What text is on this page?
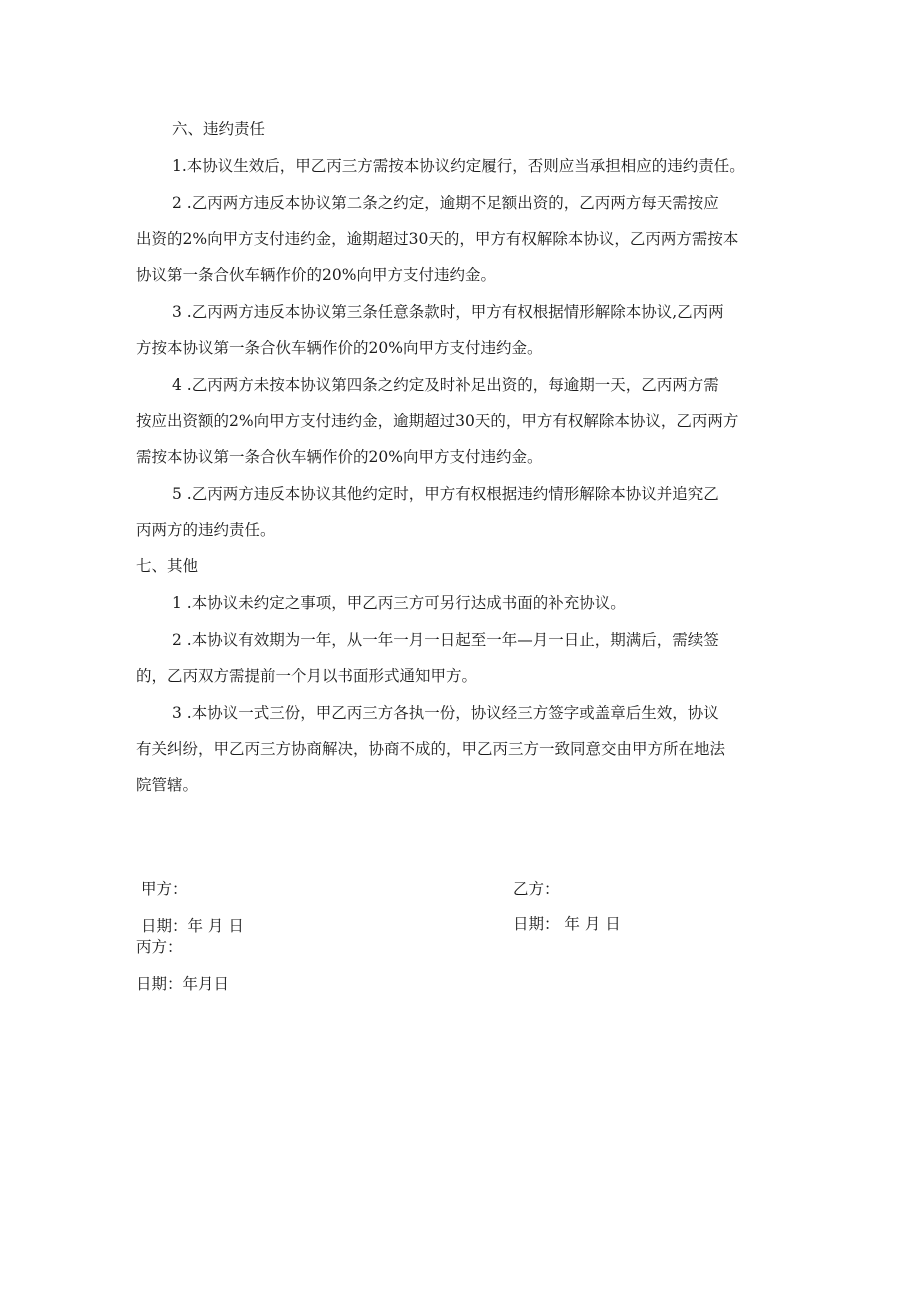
六、违约责任
1.本协议生效后，甲乙丙三方需按本协议约定履行，否则应当承担相应的违约责任。
2 .乙丙两方违反本协议第二条之约定，逾期不足额出资的，乙丙两方每天需按应
出资的2%向甲方支付违约金，逾期超过30天的，甲方有权解除本协议，乙丙两方需按本
协议第一条合伙车辆作价的20%向甲方支付违约金。
3 .乙丙两方违反本协议第三条任意条款时，甲方有权根据情形解除本协议,乙丙两
方按本协议第一条合伙车辆作价的20%向甲方支付违约金。
4 .乙丙两方未按本协议第四条之约定及时补足出资的，每逾期一天，乙丙两方需
按应出资额的2%向甲方支付违约金，逾期超过30天的，甲方有权解除本协议，乙丙两方
需按本协议第一条合伙车辆作价的20%向甲方支付违约金。
5 .乙丙两方违反本协议其他约定时，甲方有权根据违约情形解除本协议并追究乙
丙两方的违约责任。
七、其他
1 .本协议未约定之事项，甲乙丙三方可另行达成书面的补充协议。
2 .本协议有效期为一年，从一年一月一日起至一年—月一日止，期满后，需续签
的，乙丙双方需提前一个月以书面形式通知甲方。
3 .本协议一式三份，甲乙丙三方各执一份，协议经三方签字或盖章后生效，协议
有关纠纷，甲乙丙三方协商解决，协商不成的，甲乙丙三方一致同意交由甲方所在地法
院管辖。
甲方：	乙方：
日期：年 月 日	日期： 年 月 日
丙方：
日期：年月日
